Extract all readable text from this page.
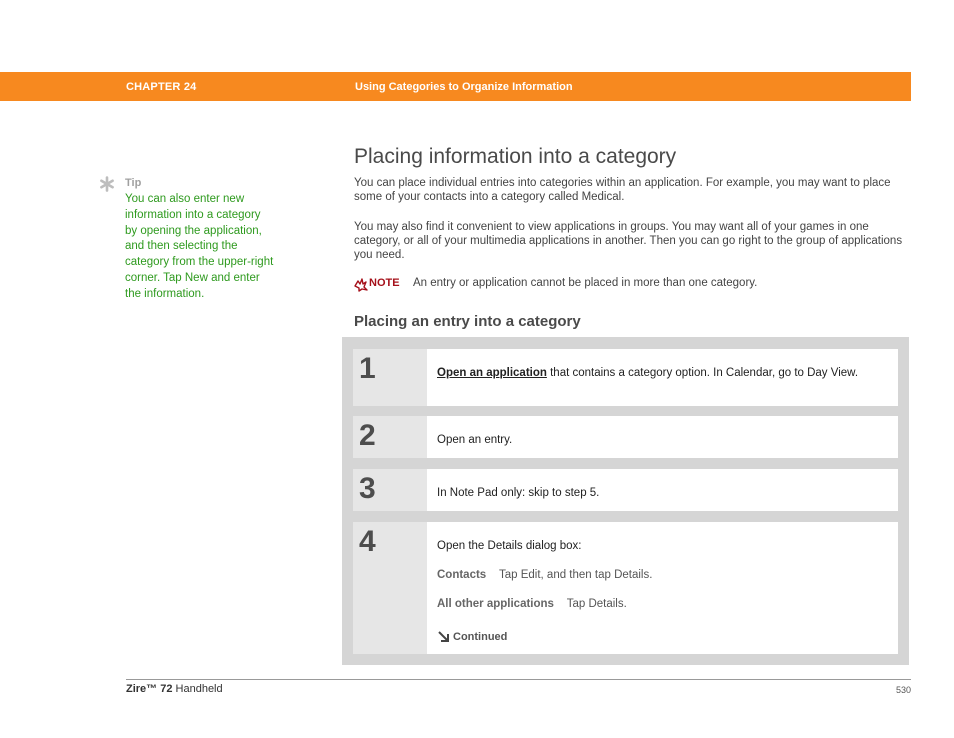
CHAPTER 24	Using Categories to Organize Information
Tip
You can also enter new information into a category by opening the application, and then selecting the category from the upper-right corner. Tap New and enter the information.
Placing information into a category

You can place individual entries into categories within an application. For example, you may want to place some of your contacts into a category called Medical.

You may also find it convenient to view applications in groups. You may want all of your games in one category, or all of your multimedia applications in another. Then you can go right to the group of applications you need.

NOTE An entry or application cannot be placed in more than one category.
Placing an entry into a category
1	Open an application that contains a category option. In Calendar, go to Day View.

2	Open an entry.

3	In Note Pad only: skip to step 5.

4	Open the Details dialog box:

Contacts Tap Edit, and then tap Details.

All other applications Tap Details.

Continued
Zire™ 72 Handheld	530
